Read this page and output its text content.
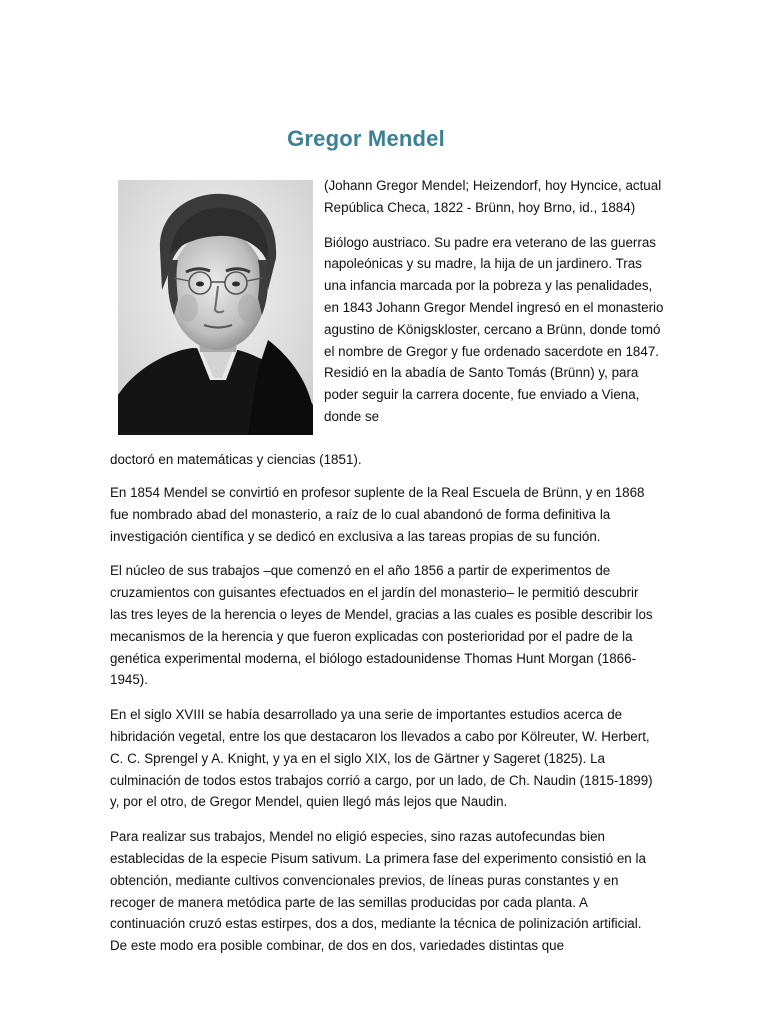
Gregor Mendel

(Johann Gregor Mendel; Heizendorf, hoy Hyncice, actual República Checa, 1822 - Brünn, hoy Brno, id., 1884)

Biólogo austriaco. Su padre era veterano de las guerras napoleónicas y su madre, la hija de un jardinero. Tras una infancia marcada por la pobreza y las penalidades, en 1843 Johann Gregor Mendel ingresó en el monasterio agustino de Königskloster, cercano a Brünn, donde tomó el nombre de Gregor y fue ordenado sacerdote en 1847. Residió en la abadía de Santo Tomás (Brünn) y, para poder seguir la carrera docente, fue enviado a Viena, donde se

doctoró en matemáticas y ciencias (1851).

En 1854 Mendel se convirtió en profesor suplente de la Real Escuela de Brünn, y en 1868 fue nombrado abad del monasterio, a raíz de lo cual abandonó de forma definitiva la investigación científica y se dedicó en exclusiva a las tareas propias de su función.

El núcleo de sus trabajos –que comenzó en el año 1856 a partir de experimentos de cruzamientos con guisantes efectuados en el jardín del monasterio– le permitió descubrir las tres leyes de la herencia o leyes de Mendel, gracias a las cuales es posible describir los mecanismos de la herencia y que fueron explicadas con posterioridad por el padre de la genética experimental moderna, el biólogo estadounidense Thomas Hunt Morgan (1866-1945).

En el siglo XVIII se había desarrollado ya una serie de importantes estudios acerca de hibridación vegetal, entre los que destacaron los llevados a cabo por Kölreuter, W. Herbert, C. C. Sprengel y A. Knight, y ya en el siglo XIX, los de Gärtner y Sageret (1825). La culminación de todos estos trabajos corrió a cargo, por un lado, de Ch. Naudin (1815-1899) y, por el otro, de Gregor Mendel, quien llegó más lejos que Naudin.

Para realizar sus trabajos, Mendel no eligió especies, sino razas autofecundas bien establecidas de la especie Pisum sativum. La primera fase del experimento consistió en la obtención, mediante cultivos convencionales previos, de líneas puras constantes y en recoger de manera metódica parte de las semillas producidas por cada planta. A continuación cruzó estas estirpes, dos a dos, mediante la técnica de polinización artificial. De este modo era posible combinar, de dos en dos, variedades distintas que
